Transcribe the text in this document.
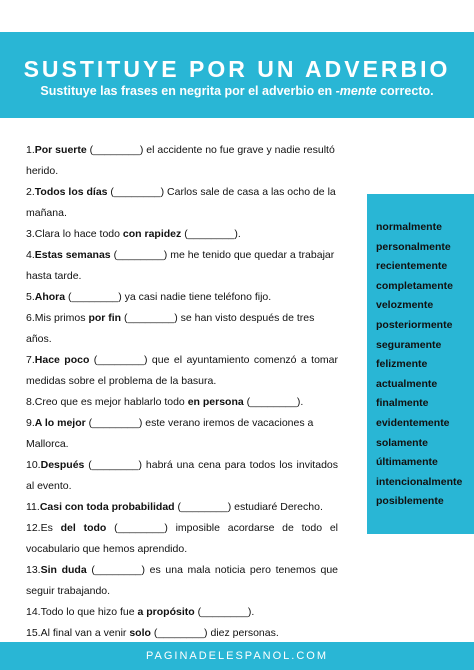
SUSTITUYE POR UN ADVERBIO
Sustituye las frases en negrita por el adverbio en -mente correcto.

1.Por suerte (________) el accidente no fue grave y nadie resultó herido.

2.Todos los días (________) Carlos sale de casa a las ocho de la mañana.

3.Clara lo hace todo con rapidez (________).

4.Estas semanas (________) me he tenido que quedar a trabajar hasta tarde.

5.Ahora (________) ya casi nadie tiene teléfono fijo.

6.Mis primos por fin (________) se han visto después de tres años.

7.Hace poco (________) que el ayuntamiento comenzó a tomar medidas sobre el problema de la basura.

8.Creo que es mejor hablarlo todo en persona (________).

9.A lo mejor (________) este verano iremos de vacaciones a Mallorca.

10.Después (________) habrá una cena para todos los invitados al evento.

11.Casi con toda probabilidad (________) estudiaré Derecho.

12.Es del todo (________) imposible acordarse de todo el vocabulario que hemos aprendido.

13.Sin duda (________) es una mala noticia pero tenemos que seguir trabajando.

14.Todo lo que hizo fue a propósito (________).

15.Al final van a venir solo (________) diez personas.

normalmente
personalmente
recientemente
completamente
velozmente
posteriormente
seguramente
felizmente
actualmente
finalmente
evidentemente
solamente
últimamente
intencionalmente
posiblemente
PAGINADELESPANOL.COM
